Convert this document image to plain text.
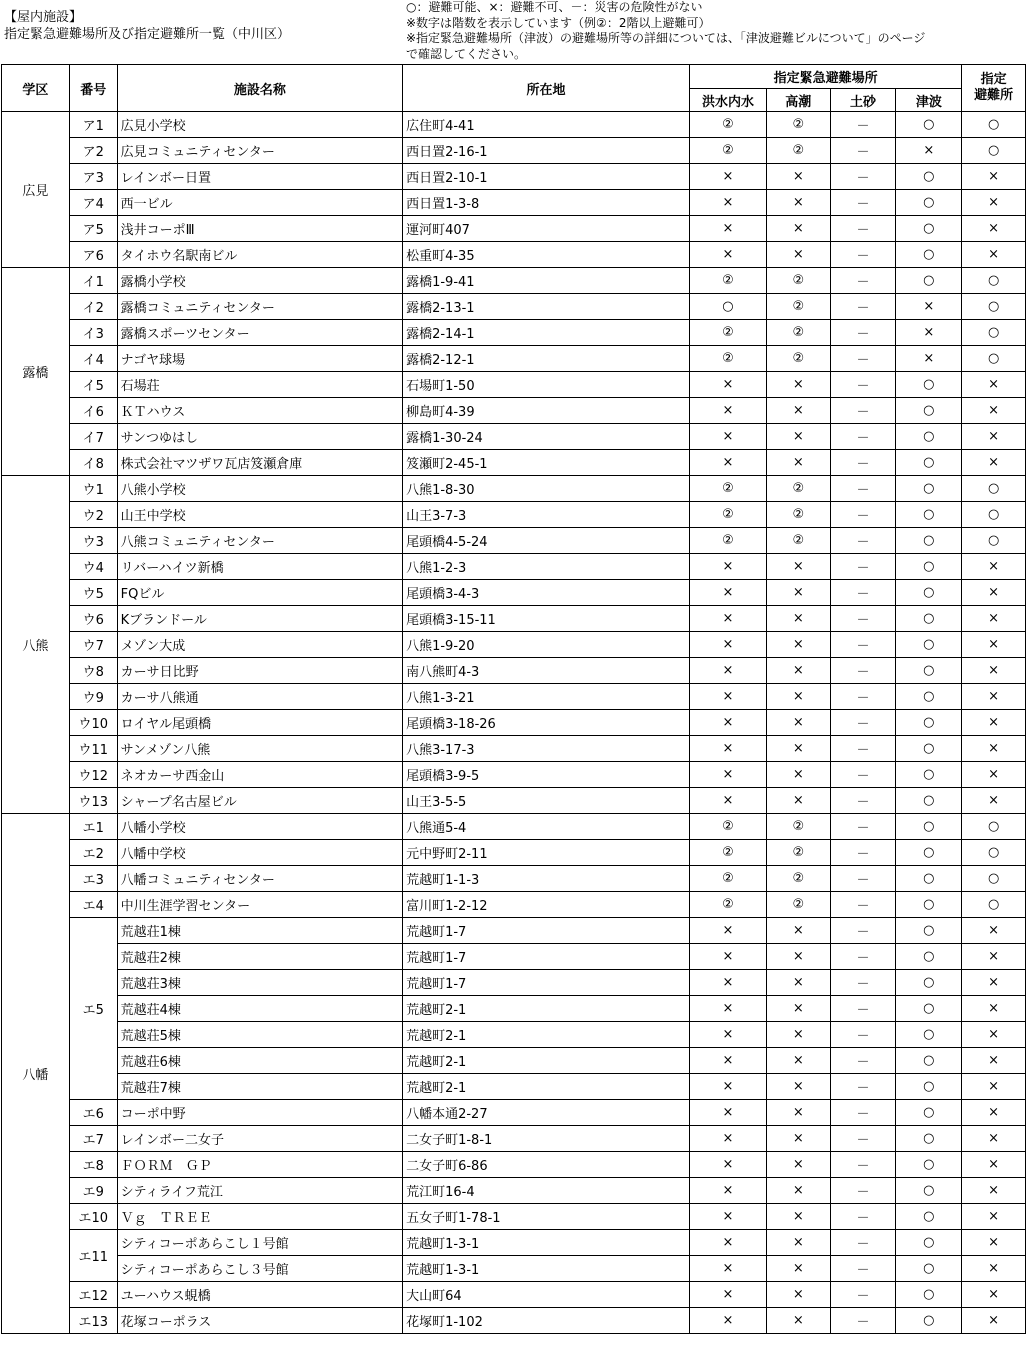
【屋内施設】
指定緊急避難場所及び指定避難所一覧（中川区）
○：避難可能、×：避難不可、－：災害の危険性がない
※数字は階数を表示しています（例②：2階以上避難可）
※指定緊急避難場所（津波）の避難場所等の詳細については、「津波避難ビルについて」のページ
で確認してください。
学区	番号	施設名称	所在地	指定緊急避難場所				指定
避難所
				洪水内水	高潮	土砂	津波	
広見	ア1	広見小学校	広住町4-41	②	②	－	○	○
	ア2	広見コミュニティセンター	西日置2-16-1	②	②	－	×	○
	ア3	レインボー日置	西日置2-10-1	×	×	－	○	×
	ア4	西一ビル	西日置1-3-8	×	×	－	○	×
	ア5	浅井コーポⅢ	運河町407	×	×	－	○	×
	ア6	タイホウ名駅南ビル	松重町4-35	×	×	－	○	×
露橋	イ1	露橋小学校	露橋1-9-41	②	②	－	○	○
	イ2	露橋コミュニティセンター	露橋2-13-1	○	②	－	×	○
	イ3	露橋スポーツセンター	露橋2-14-1	②	②	－	×	○
	イ4	ナゴヤ球場	露橋2-12-1	②	②	－	×	○
	イ5	石場荘	石場町1-50	×	×	－	○	×
	イ6	ＫＴハウス	柳島町4-39	×	×	－	○	×
	イ7	サンつゆはし	露橋1-30-24	×	×	－	○	×
	イ8	株式会社マツザワ瓦店笈瀬倉庫	笈瀬町2-45-1	×	×	－	○	×
八熊	ウ1	八熊小学校	八熊1-8-30	②	②	－	○	○
	ウ2	山王中学校	山王3-7-3	②	②	－	○	○
	ウ3	八熊コミュニティセンター	尾頭橋4-5-24	②	②	－	○	○
	ウ4	リバーハイツ新橋	八熊1-2-3	×	×	－	○	×
	ウ5	FQビル	尾頭橋3-4-3	×	×	－	○	×
	ウ6	Kブランドール	尾頭橋3-15-11	×	×	－	○	×
	ウ7	メゾン大成	八熊1-9-20	×	×	－	○	×
	ウ8	カーサ日比野	南八熊町4-3	×	×	－	○	×
	ウ9	カーサ八熊通	八熊1-3-21	×	×	－	○	×
	ウ10	ロイヤル尾頭橋	尾頭橋3-18-26	×	×	－	○	×
	ウ11	サンメゾン八熊	八熊3-17-3	×	×	－	○	×
	ウ12	ネオカーサ西金山	尾頭橋3-9-5	×	×	－	○	×
	ウ13	シャープ名古屋ビル	山王3-5-5	×	×	－	○	×
八幡	エ1	八幡小学校	八熊通5-4	②	②	－	○	○
	エ2	八幡中学校	元中野町2-11	②	②	－	○	○
	エ3	八幡コミュニティセンター	荒越町1-1-3	②	②	－	○	○
	エ4	中川生涯学習センター	富川町1-2-12	②	②	－	○	○
	エ5	荒越荘1棟	荒越町1-7	×	×	－	○	×
		荒越荘2棟	荒越町1-7	×	×	－	○	×
		荒越荘3棟	荒越町1-7	×	×	－	○	×
		荒越荘4棟	荒越町2-1	×	×	－	○	×
		荒越荘5棟	荒越町2-1	×	×	－	○	×
		荒越荘6棟	荒越町2-1	×	×	－	○	×
		荒越荘7棟	荒越町2-1	×	×	－	○	×
	エ6	コーポ中野	八幡本通2-27	×	×	－	○	×
	エ7	レインボー二女子	二女子町1-8-1	×	×	－	○	×
	エ8	ＦＯＲＭ　ＧＰ	二女子町6-86	×	×	－	○	×
	エ9	シティライフ荒江	荒江町16-4	×	×	－	○	×
	エ10	Ｖｇ　ＴＲＥＥ	五女子町1-78-1	×	×	－	○	×
	エ11	シティコーポあらこし１号館	荒越町1-3-1	×	×	－	○	×
		シティコーポあらこし３号館	荒越町1-3-1	×	×	－	○	×
	エ12	ユーハウス蜆橋	大山町64	×	×	－	○	×
	エ13	花塚コーポラス	花塚町1-102	×	×	－	○	×
